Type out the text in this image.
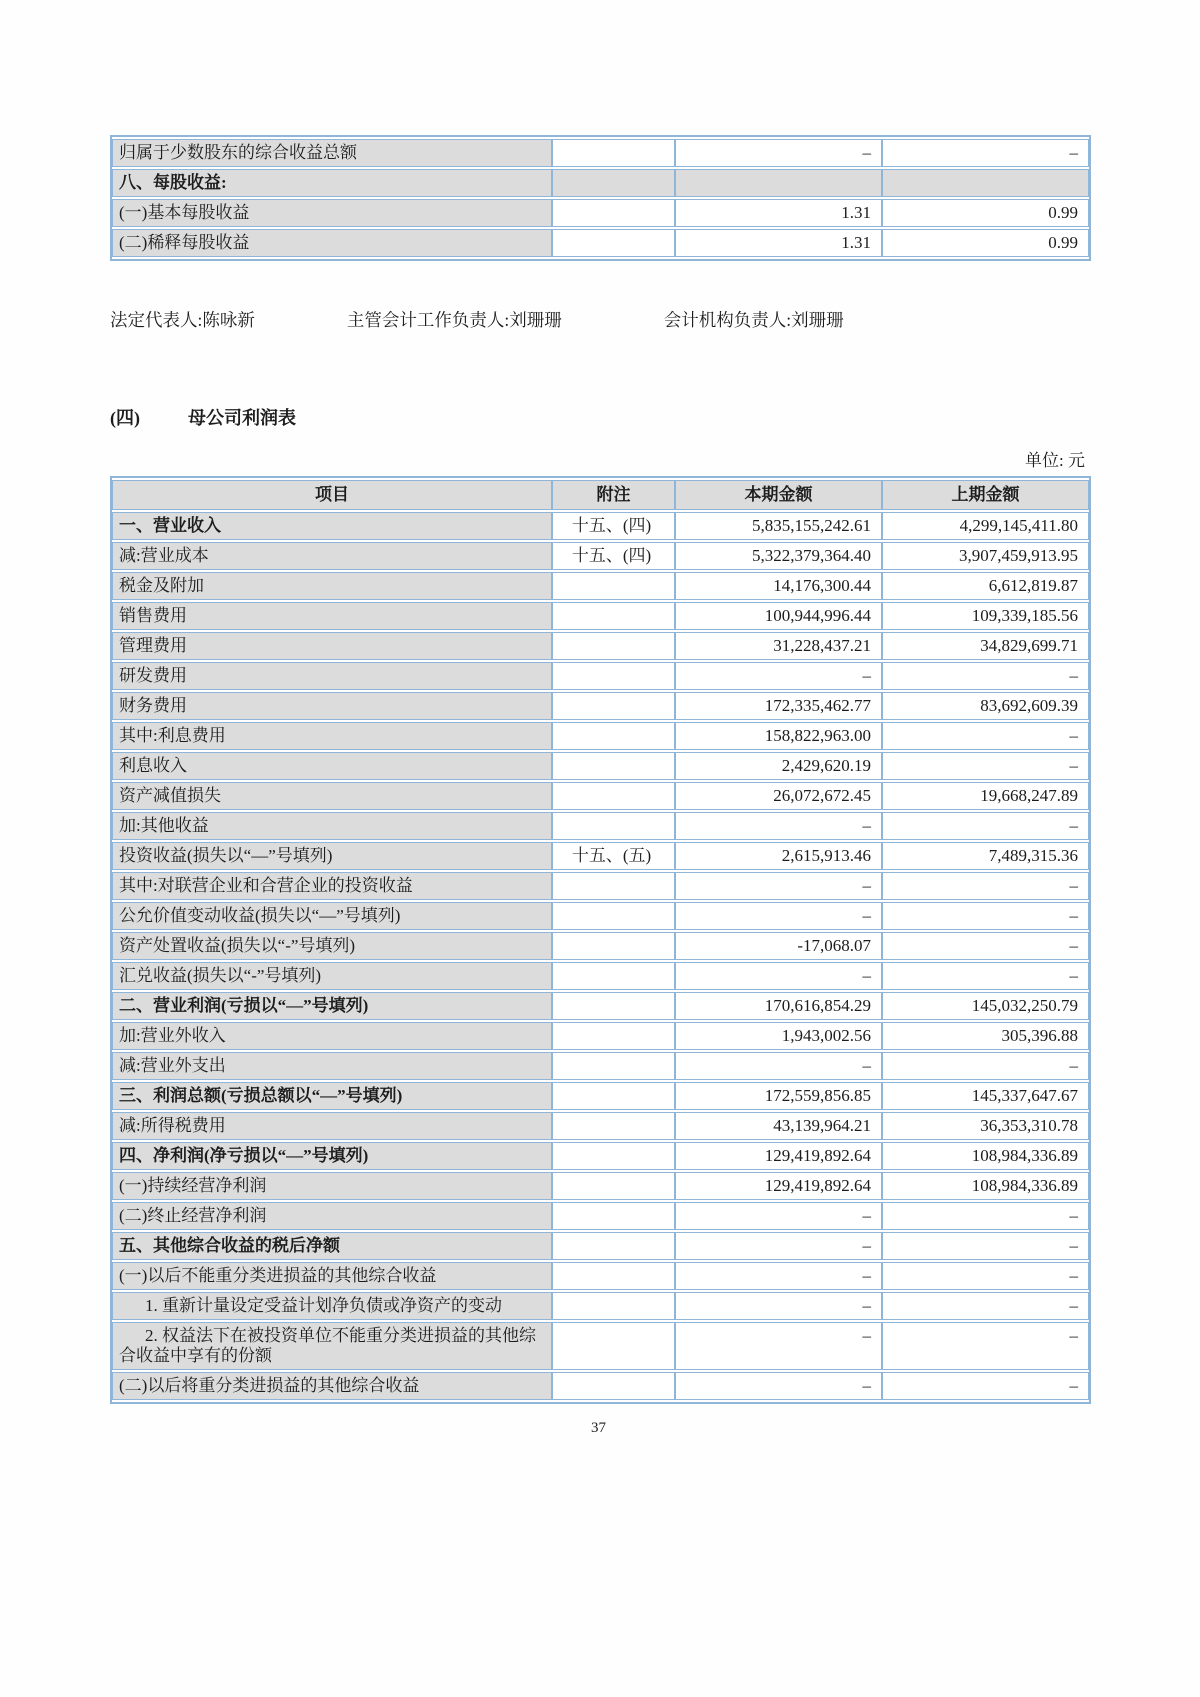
归属于少数股东的综合收益总额		–	–
八、每股收益:			
(一)基本每股收益		1.31	0.99
(二)稀释每股收益		1.31	0.99
法定代表人:陈咏新	主管会计工作负责人:刘珊珊	会计机构负责人:刘珊珊
(四)	母公司利润表
单位: 元
项目	附注	本期金额	上期金额
一、营业收入	十五、(四)	5,835,155,242.61	4,299,145,411.80
减:营业成本	十五、(四)	5,322,379,364.40	3,907,459,913.95
税金及附加		14,176,300.44	6,612,819.87
销售费用		100,944,996.44	109,339,185.56
管理费用		31,228,437.21	34,829,699.71
研发费用		–	–
财务费用		172,335,462.77	83,692,609.39
其中:利息费用		158,822,963.00	–
利息收入		2,429,620.19	–
资产减值损失		26,072,672.45	19,668,247.89
加:其他收益		–	–
投资收益(损失以“—”号填列)	十五、(五)	2,615,913.46	7,489,315.36
其中:对联营企业和合营企业的投资收益		–	–
公允价值变动收益(损失以“—”号填列)		–	–
资产处置收益(损失以“-”号填列)		-17,068.07	–
汇兑收益(损失以“-”号填列)		–	–
二、营业利润(亏损以“—”号填列)		170,616,854.29	145,032,250.79
加:营业外收入		1,943,002.56	305,396.88
减:营业外支出		–	–
三、利润总额(亏损总额以“—”号填列)		172,559,856.85	145,337,647.67
减:所得税费用		43,139,964.21	36,353,310.78
四、净利润(净亏损以“—”号填列)		129,419,892.64	108,984,336.89
(一)持续经营净利润		129,419,892.64	108,984,336.89
(二)终止经营净利润		–	–
五、其他综合收益的税后净额		–	–
(一)以后不能重分类进损益的其他综合收益		–	–
1. 重新计量设定受益计划净负债或净资产的变动		–	–
2. 权益法下在被投资单位不能重分类进损益的其他综合收益中享有的份额		–	–
(二)以后将重分类进损益的其他综合收益		–	–
37
